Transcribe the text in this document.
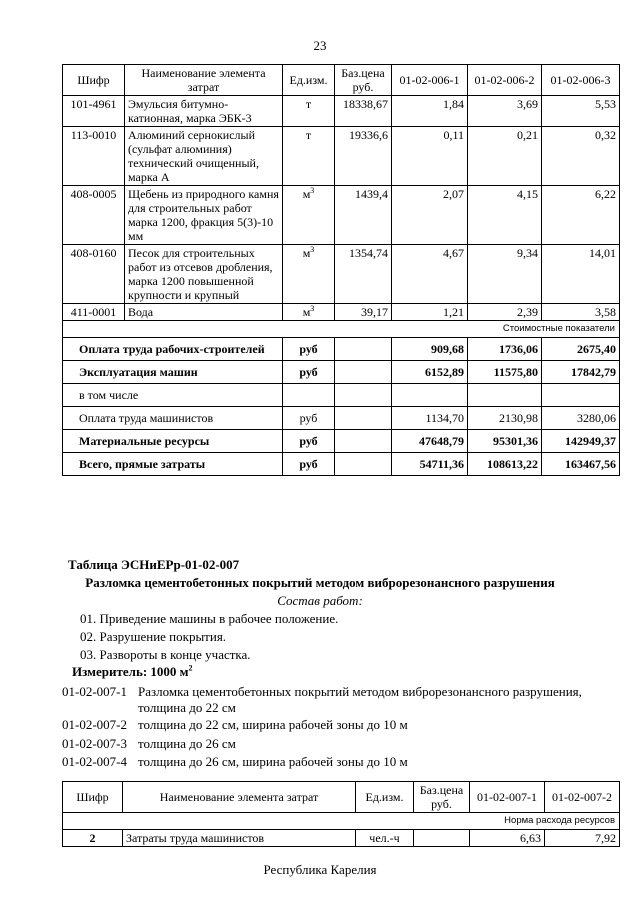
23
Шифр	Наименование элемента затрат	Ед.изм.	Баз.цена руб.	01-02-006-1	01-02-006-2	01-02-006-3
101-4961	Эмульсия битумно-катионная, марка ЭБК-3	т	18338,67	1,84	3,69	5,53
113-0010	Алюминий сернокислый (сульфат алюминия) технический очищенный, марка А	т	19336,6	0,11	0,21	0,32
408-0005	Щебень из природного камня для строительных работ марка 1200, фракция 5(3)-10 мм	$м^3$	1439,4	2,07	4,15	6,22
408-0160	Песок для строительных работ из отсевов дробления, марка 1200 повышенной крупности и крупный	$м^3$	1354,74	4,67	9,34	14,01
411-0001	Вода	$м^3$	39,17	1,21	2,39	3,58
Стоимостные показатели						
Оплата труда рабочих-строителей		руб		909,68	1736,06	2675,40
Эксплуатация машин		руб		6152,89	11575,80	17842,79
в том числе						
Оплата труда машинистов		руб		1134,70	2130,98	3280,06
Материальные ресурсы		руб		47648,79	95301,36	142949,37
Всего, прямые затраты		руб		54711,36	108613,22	163467,56
Таблица ЭСНиЕРр-01-02-007
Разломка цементобетонных покрытий методом виброрезонансного разрушения
Состав работ:
01. Приведение машины в рабочее положение.
02. Разрушение покрытия.
03. Развороты в конце участка.
Измеритель: 1000 $м^2$
01-02-007-1 Разломка цементобетонных покрытий методом виброрезонансного разрушения,
толщина до 22 см
01-02-007-2 толщина до 22 см, ширина рабочей зоны до 10 м
01-02-007-3 толщина до 26 см
01-02-007-4 толщина до 26 см, ширина рабочей зоны до 10 м
Шифр	Наименование элемента затрат	Ед.изм.	Баз.цена руб.	01-02-007-1	01-02-007-2
Норма расхода ресурсов					
2	Затраты труда машинистов	чел.-ч		6,63	7,92
Республика Карелия
